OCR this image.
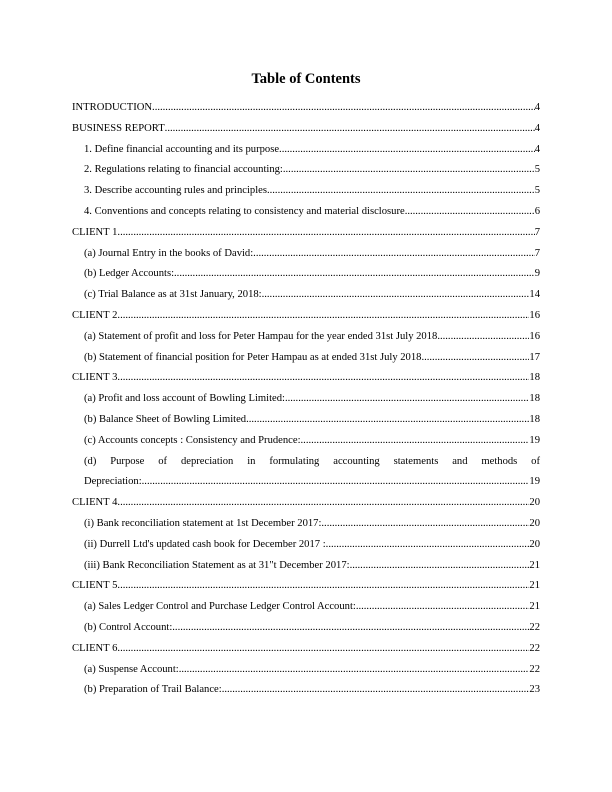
Table of Contents
INTRODUCTION .....	4
BUSINESS REPORT .....	4
1. Define financial accounting and its purpose .....	4
2. Regulations relating to financial accounting: .....	5
3. Describe accounting rules and principles .....	5
4. Conventions and concepts relating to consistency and material disclosure .....	6
CLIENT 1 .....	7
(a) Journal Entry in the books of David: .....	7
(b) Ledger Accounts: .....	9
(c) Trial Balance as at 31st January, 2018: .....	14
CLIENT 2 .....	16
(a) Statement of profit and loss for Peter Hampau for the year ended 31st July 2018 .....	16
(b) Statement of financial position for Peter Hampau as at ended 31st July 2018 .....	17
CLIENT 3 .....	18
(a) Profit and loss account of Bowling Limited: .....	18
(b) Balance Sheet of Bowling Limited .....	18
(c) Accounts concepts : Consistency and Prudence: .....	19
(d) Purpose of depreciation in formulating accounting statements and methods of
Depreciation: .....	19
CLIENT 4 .....	20
(i) Bank reconciliation statement at 1st December 2017: .....	20
(ii) Durrell Ltd's updated cash book for December 2017 : .....	20
(iii) Bank Reconciliation Statement as at 31"t December 2017: .....	21
CLIENT 5 .....	21
(a) Sales Ledger Control and Purchase Ledger Control Account: .....	21
(b) Control Account: .....	22
CLIENT 6 .....	22
(a) Suspense Account: .....	22
(b) Preparation of Trail Balance: .....	23
